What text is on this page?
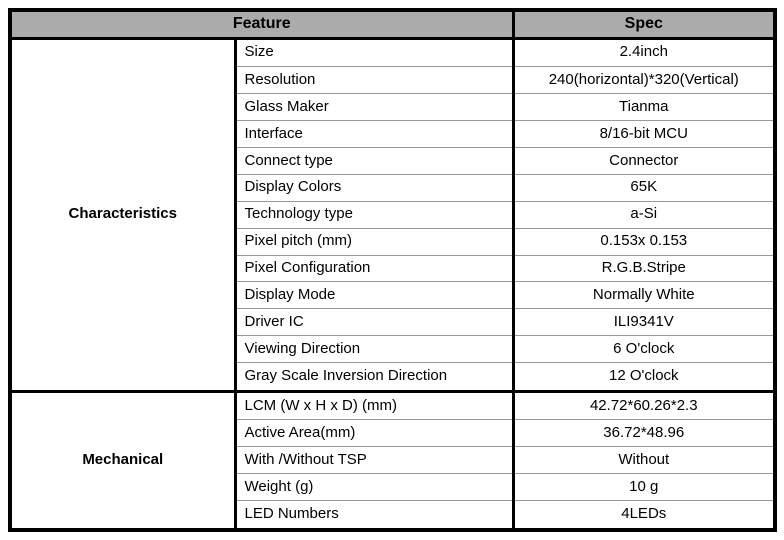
Feature		Spec
Characteristics	Size	2.4inch
	Resolution	240(horizontal)*320(Vertical)
	Glass Maker	Tianma
	Interface	8/16-bit MCU
	Connect type	Connector
	Display Colors	65K
	Technology type	a-Si
	Pixel pitch (mm)	0.153x 0.153
	Pixel Configuration	R.G.B.Stripe
	Display Mode	Normally White
	Driver IC	ILI9341V
	Viewing Direction	6 O'clock
	Gray Scale Inversion Direction	12 O'clock
Mechanical	LCM (W x H x D) (mm)	42.72*60.26*2.3
	Active Area(mm)	36.72*48.96
	With /Without TSP	Without
	Weight (g)	10 g
	LED Numbers	4LEDs
